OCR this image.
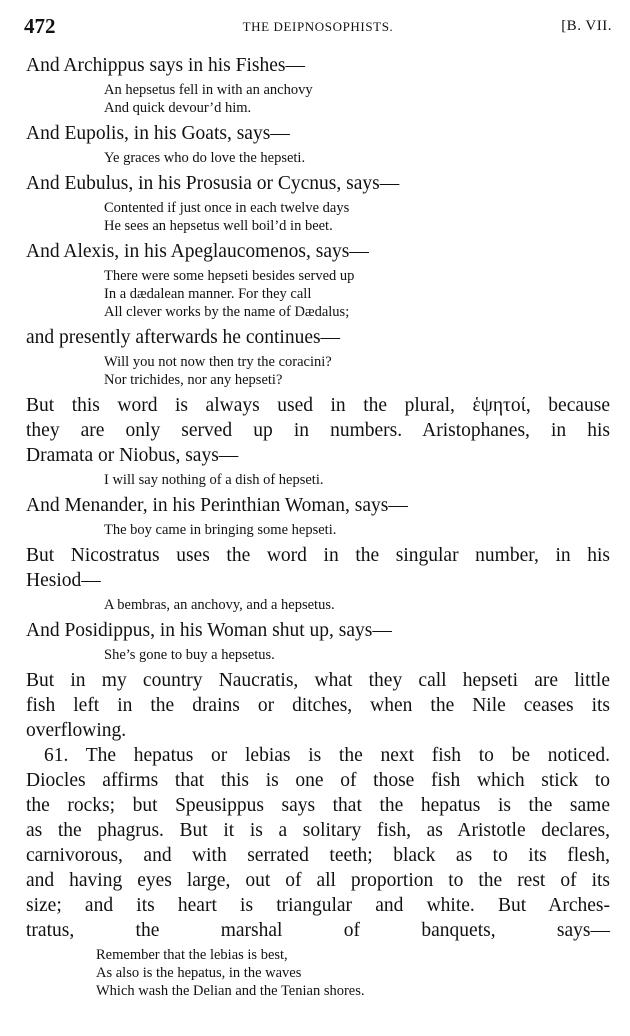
472	THE DEIPNOSOPHISTS.	[B. VII.
And Archippus says in his Fishes—
An hepsetus fell in with an anchovy
And quick devour’d him.
And Eupolis, in his Goats, says—
Ye graces who do love the hepseti.
And Eubulus, in his Prosusia or Cycnus, says—
Contented if just once in each twelve days
He sees an hepsetus well boil’d in beet.
And Alexis, in his Apeglaucomenos, says—
There were some hepseti besides served up
In a dædalean manner. For they call
All clever works by the name of Dædalus;
and presently afterwards he continues—
Will you not now then try the coracini?
Nor trichides, nor any hepseti?
But this word is always used in the plural, ἑψητοί, because
they are only served up in numbers. Aristophanes, in his
Dramata or Niobus, says—
I will say nothing of a dish of hepseti.
And Menander, in his Perinthian Woman, says—
The boy came in bringing some hepseti.
But Nicostratus uses the word in the singular number, in his
Hesiod—
A bembras, an anchovy, and a hepsetus.
And Posidippus, in his Woman shut up, says—
She’s gone to buy a hepsetus.
But in my country Naucratis, what they call hepseti are little
fish left in the drains or ditches, when the Nile ceases its
overflowing.
61. The hepatus or lebias is the next fish to be noticed.
Diocles affirms that this is one of those fish which stick to
the rocks; but Speusippus says that the hepatus is the same
as the phagrus. But it is a solitary fish, as Aristotle declares,
carnivorous, and with serrated teeth; black as to its flesh,
and having eyes large, out of all proportion to the rest of its
size; and its heart is triangular and white. But Arches-
tratus, the marshal of banquets, says—
Remember that the lebias is best,
As also is the hepatus, in the waves
Which wash the Delian and the Tenian shores.
